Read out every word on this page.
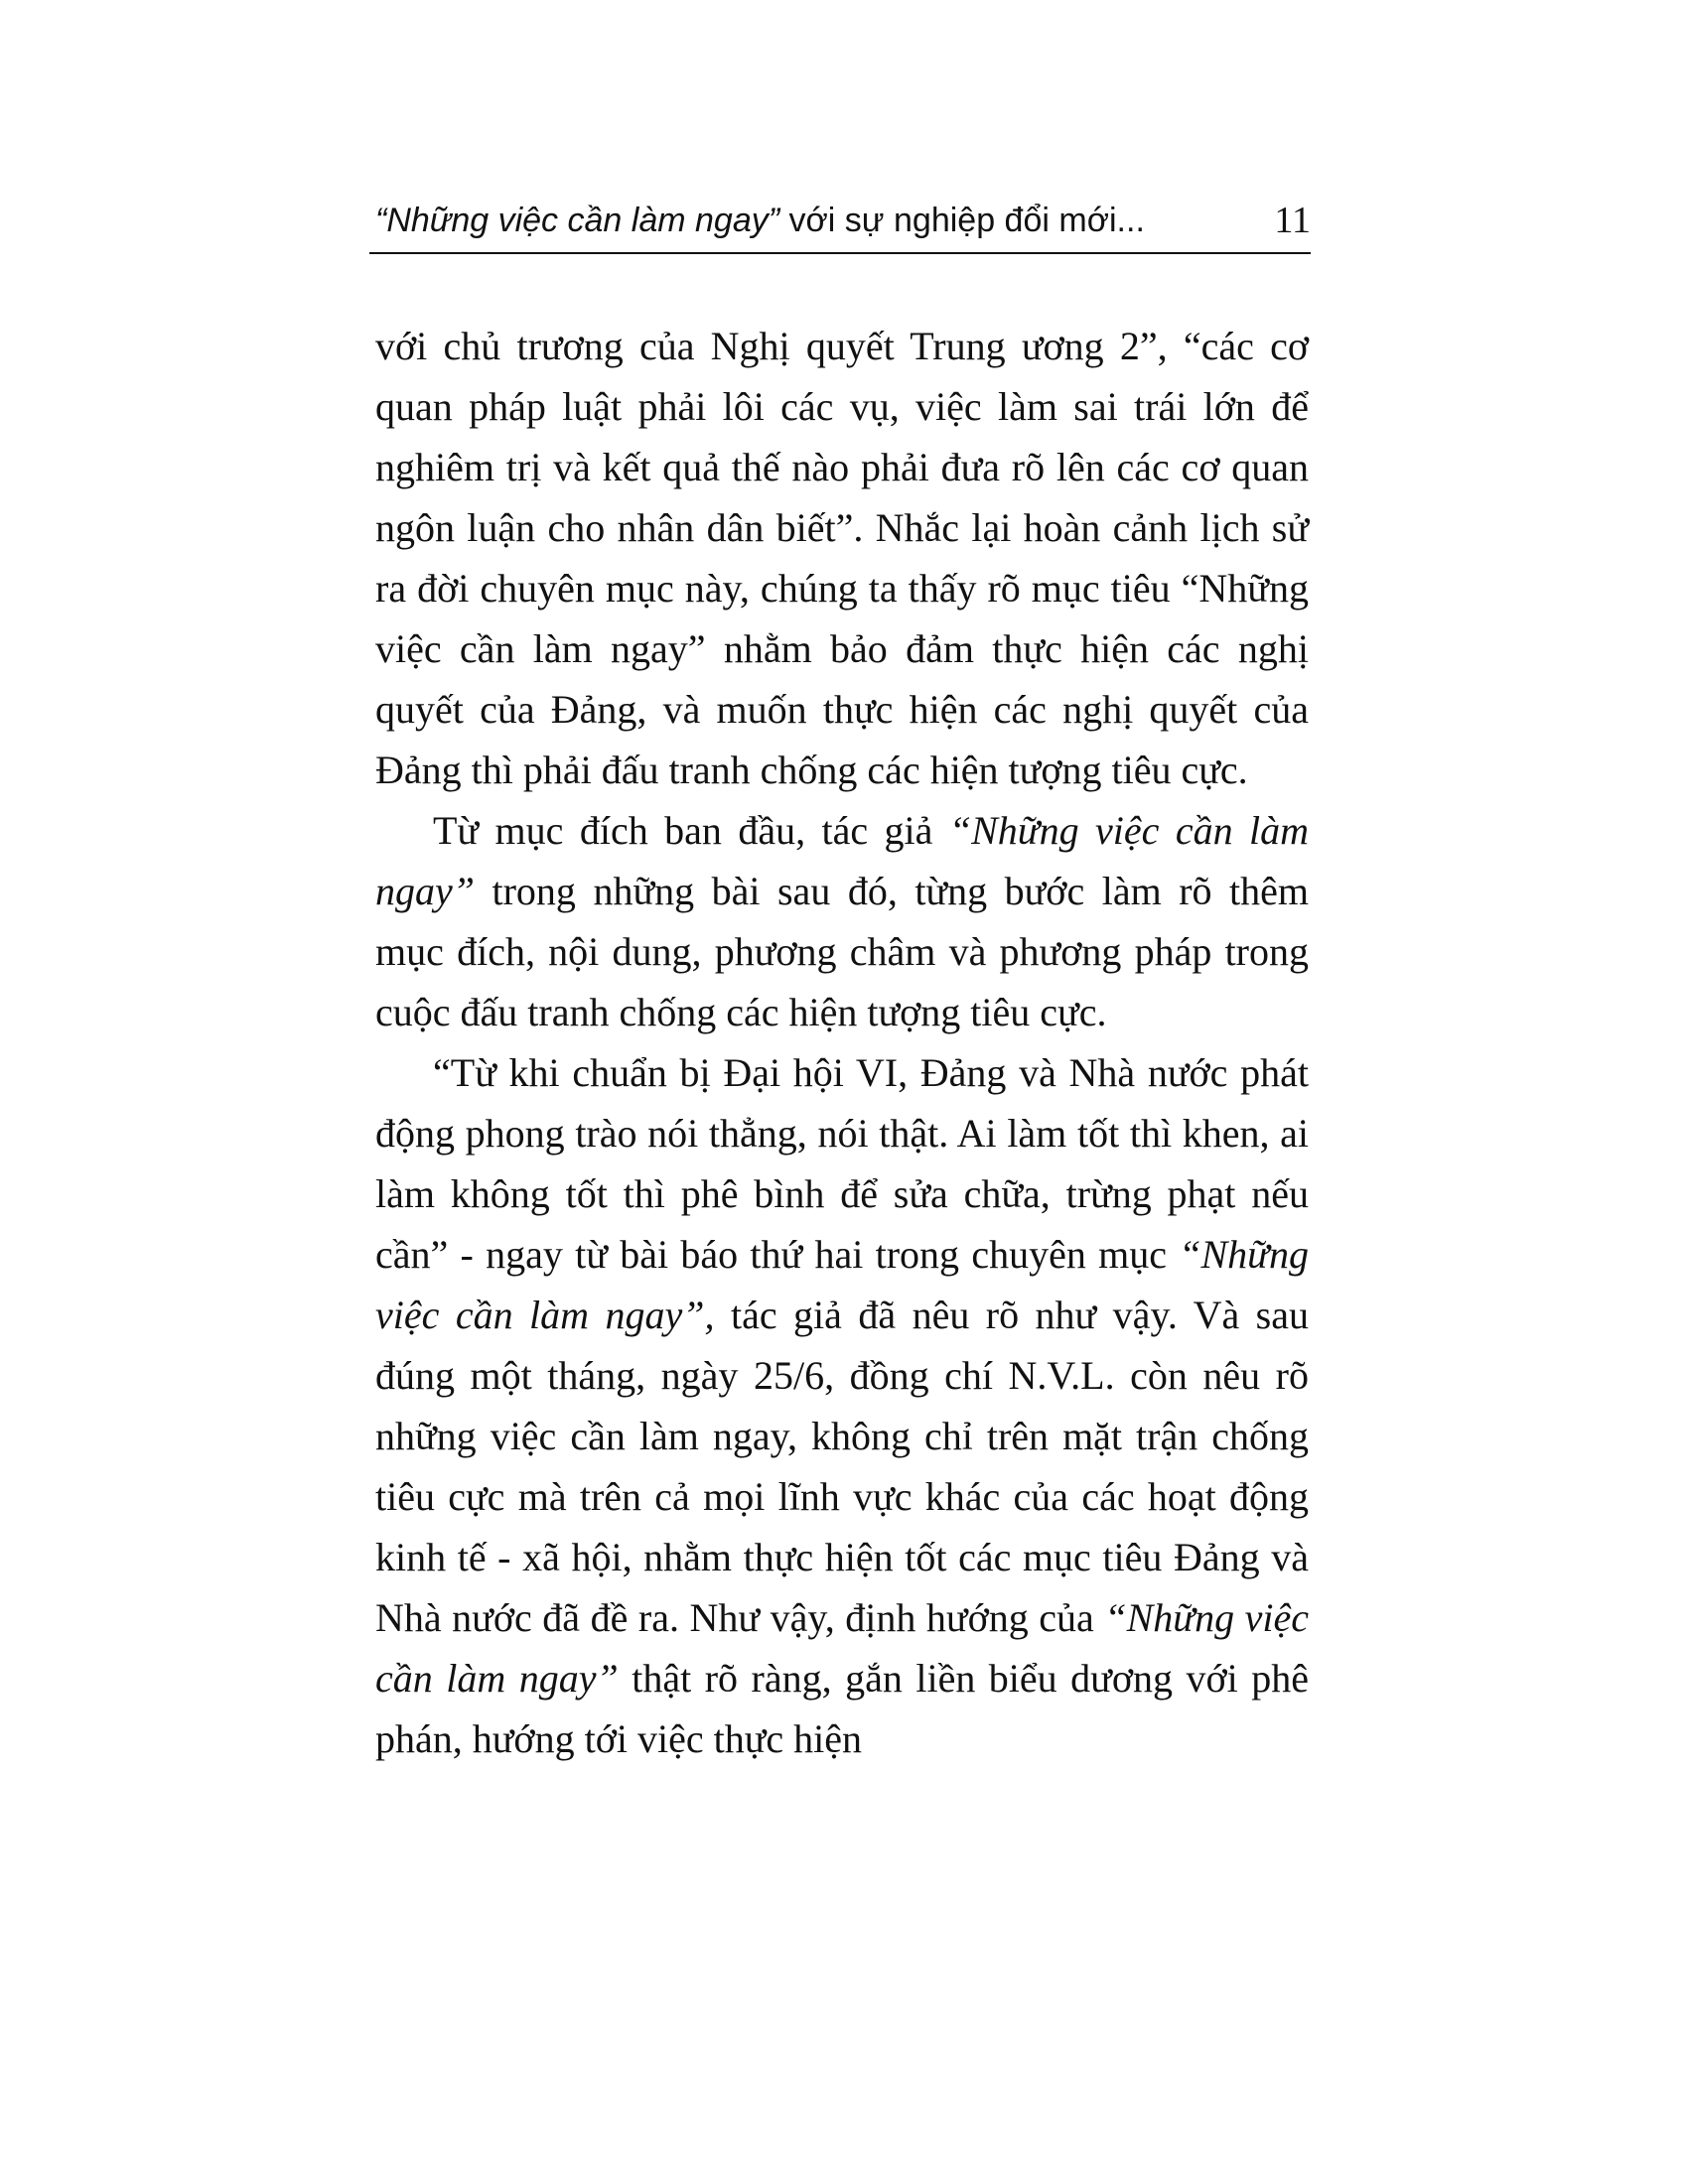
“Những việc cần làm ngay” với sự nghiệp đổi mới...	11

với chủ trương của Nghị quyết Trung ương 2”, “các cơ quan pháp luật phải lôi các vụ, việc làm sai trái lớn để nghiêm trị và kết quả thế nào phải đưa rõ lên các cơ quan ngôn luận cho nhân dân biết”. Nhắc lại hoàn cảnh lịch sử ra đời chuyên mục này, chúng ta thấy rõ mục tiêu “Những việc cần làm ngay” nhằm bảo đảm thực hiện các nghị quyết của Đảng, và muốn thực hiện các nghị quyết của Đảng thì phải đấu tranh chống các hiện tượng tiêu cực.

Từ mục đích ban đầu, tác giả “Những việc cần làm ngay” trong những bài sau đó, từng bước làm rõ thêm mục đích, nội dung, phương châm và phương pháp trong cuộc đấu tranh chống các hiện tượng tiêu cực.

“Từ khi chuẩn bị Đại hội VI, Đảng và Nhà nước phát động phong trào nói thẳng, nói thật. Ai làm tốt thì khen, ai làm không tốt thì phê bình để sửa chữa, trừng phạt nếu cần” - ngay từ bài báo thứ hai trong chuyên mục “Những việc cần làm ngay”, tác giả đã nêu rõ như vậy. Và sau đúng một tháng, ngày 25/6, đồng chí N.V.L. còn nêu rõ những việc cần làm ngay, không chỉ trên mặt trận chống tiêu cực mà trên cả mọi lĩnh vực khác của các hoạt động kinh tế - xã hội, nhằm thực hiện tốt các mục tiêu Đảng và Nhà nước đã đề ra. Như vậy, định hướng của “Những việc cần làm ngay” thật rõ ràng, gắn liền biểu dương với phê phán, hướng tới việc thực hiện
